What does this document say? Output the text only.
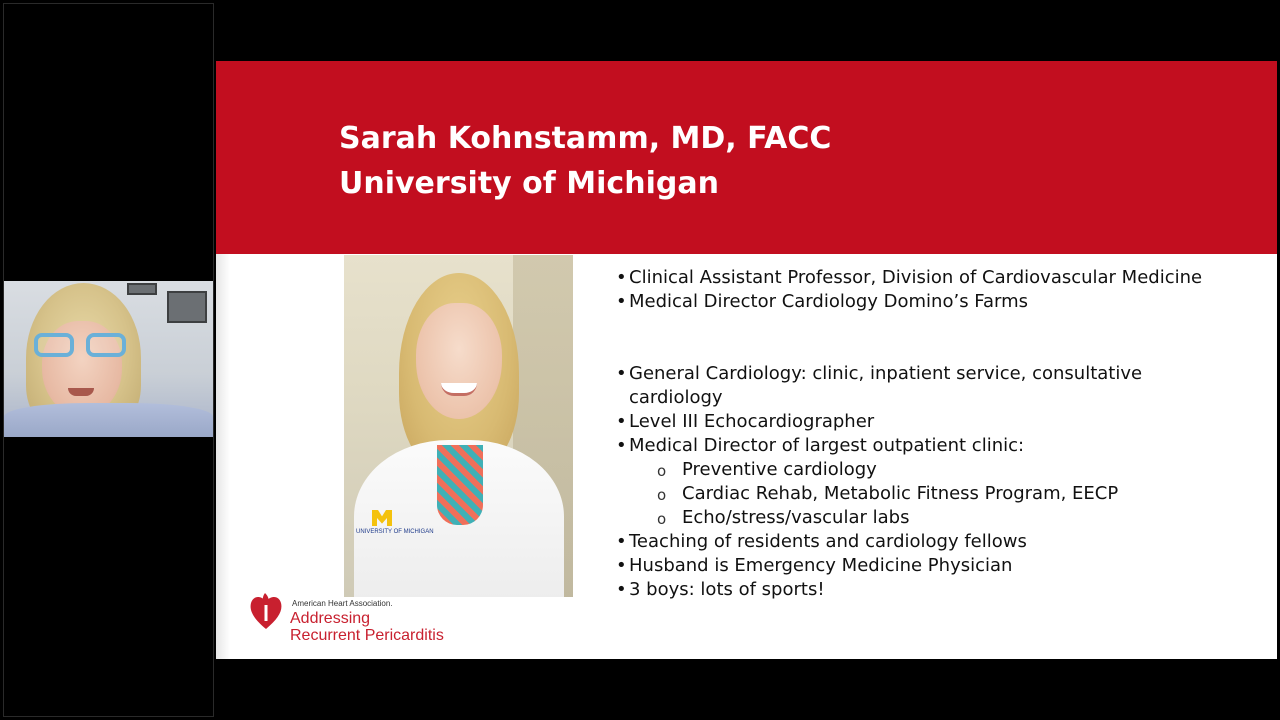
Sarah Kohnstamm, MD, FACC
University of Michigan
UNIVERSITY OF MICHIGAN
• Clinical Assistant Professor, Division of Cardiovascular Medicine
• Medical Director Cardiology Domino’s Farms
• General Cardiology: clinic, inpatient service, consultative cardiology
• Level III Echocardiographer
• Medical Director of largest outpatient clinic:
o Preventive cardiology
o Cardiac Rehab, Metabolic Fitness Program, EECP
o Echo/stress/vascular labs
• Teaching of residents and cardiology fellows
• Husband is Emergency Medicine Physician
• 3 boys: lots of sports!
American Heart Association.
Addressing
Recurrent Pericarditis
